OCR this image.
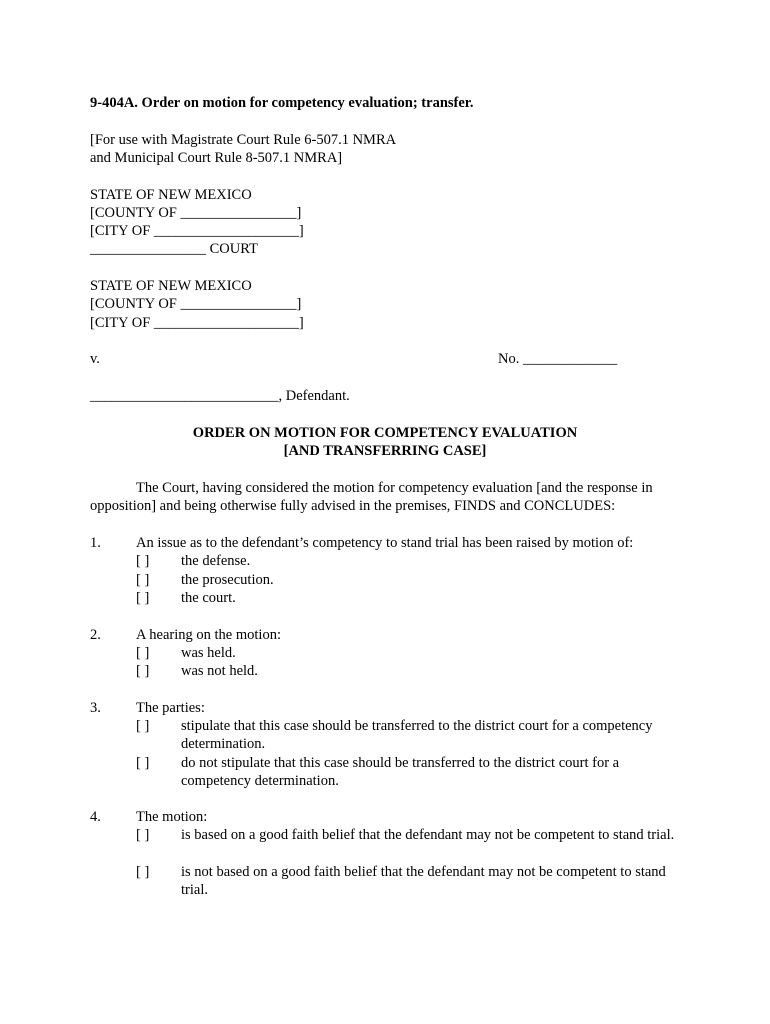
9-404A. Order on motion for competency evaluation; transfer.
[For use with Magistrate Court Rule 6-507.1 NMRA
and Municipal Court Rule 8-507.1 NMRA]
STATE OF NEW MEXICO
[COUNTY OF ________________]
[CITY OF ____________________]
________________ COURT
STATE OF NEW MEXICO
[COUNTY OF ________________]
[CITY OF ____________________]
v.	No. _____________
__________________________, Defendant.
ORDER ON MOTION FOR COMPETENCY EVALUATION
[AND TRANSFERRING CASE]
The Court, having considered the motion for competency evaluation [and the response in
opposition] and being otherwise fully advised in the premises, FINDS and CONCLUDES:
1. An issue as to the defendant’s competency to stand trial has been raised by motion of:
[ ] the defense.
[ ] the prosecution.
[ ] the court.
2. A hearing on the motion:
[ ] was held.
[ ] was not held.
3. The parties:
[ ] stipulate that this case should be transferred to the district court for a competency determination.
[ ] do not stipulate that this case should be transferred to the district court for a competency determination.
4. The motion:
[ ] is based on a good faith belief that the defendant may not be competent to stand trial.
[ ] is not based on a good faith belief that the defendant may not be competent to stand trial.
